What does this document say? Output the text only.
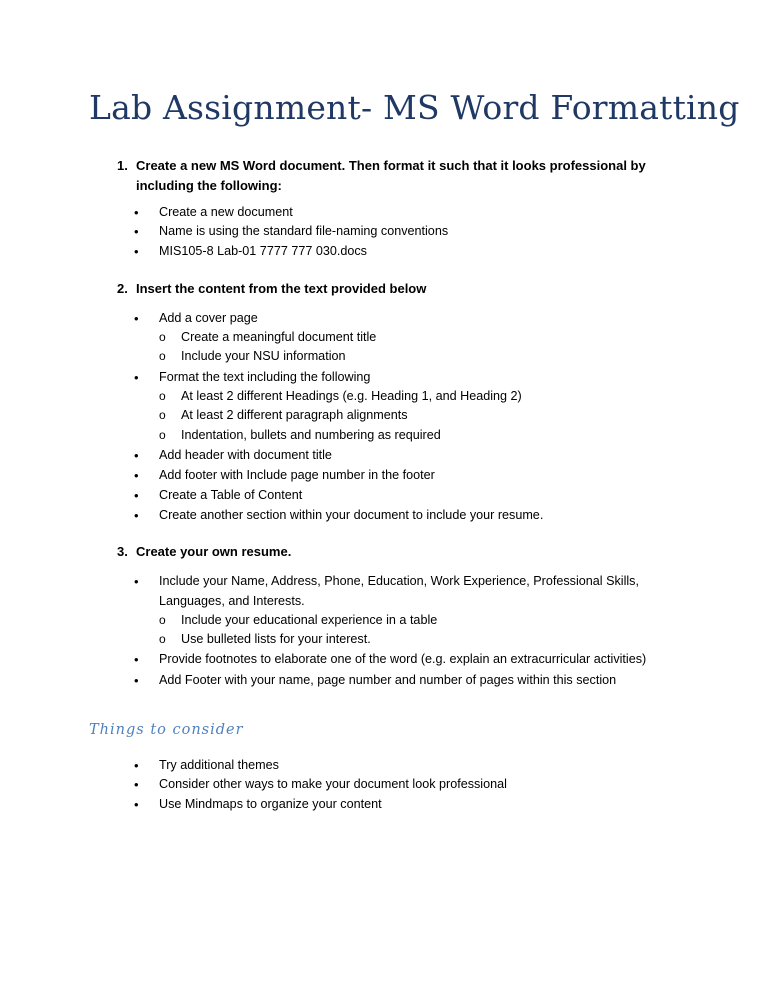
Lab Assignment- MS Word Formatting
1. Create a new MS Word document. Then format it such that it looks professional by including the following:
• Create a new document
• Name is using the standard file-naming conventions
• MIS105-8 Lab-01 7777 777 030.docs
2. Insert the content from the text provided below
• Add a cover page
o Create a meaningful document title
o Include your NSU information
• Format the text including the following
o At least 2 different Headings (e.g. Heading 1, and Heading 2)
o At least 2 different paragraph alignments
o Indentation, bullets and numbering as required
• Add header with document title
• Add footer with Include page number in the footer
• Create a Table of Content
• Create another section within your document to include your resume.
3. Create your own resume.
• Include your Name, Address, Phone, Education, Work Experience, Professional Skills, Languages, and Interests.
o Include your educational experience in a table
o Use bulleted lists for your interest.
• Provide footnotes to elaborate one of the word (e.g. explain an extracurricular activities)
• Add Footer with your name, page number and number of pages within this section
Things to consider
• Try additional themes
• Consider other ways to make your document look professional
• Use Mindmaps to organize your content
